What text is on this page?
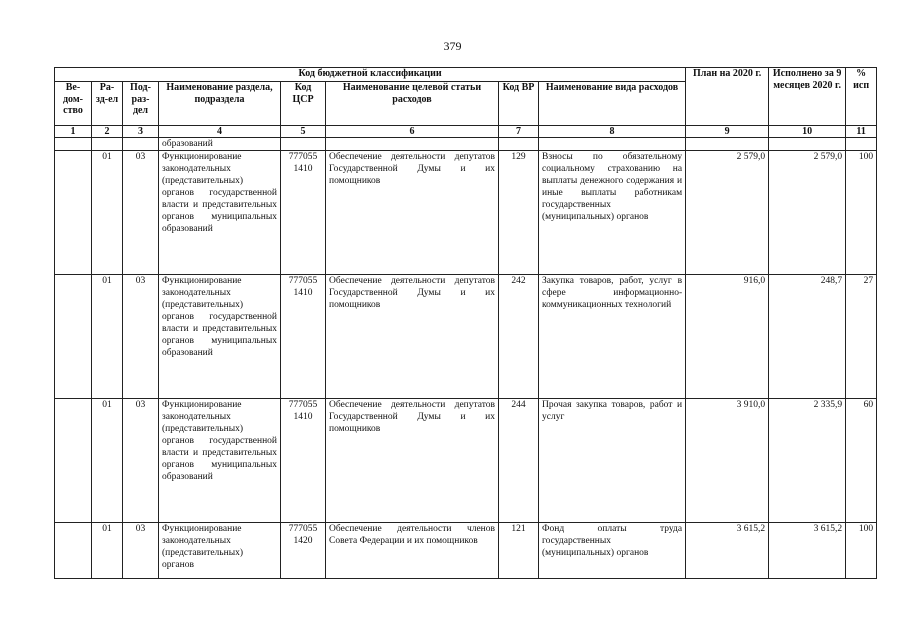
379
Код бюджетной классификации								План на 2020 г.	Исполнено за 9 месяцев 2020 г.	% исп
Ве-дом-ство	Ра-зд-ел	Под-раз-дел	Наименование раздела, подраздела	Код ЦСР	Наименование целевой статьи расходов	Код ВР	Наименование вида расходов			
1	2	3	4	5	6	7	8	9	10	11
			образований							
	01	03	Функционирование законодательных (представительных) органов государственной власти и представительных органов муниципальных образований	777055 1410	Обеспечение деятельности депутатов Государственной Думы и их помощников	129	Взносы по обязательному социальному страхованию на выплаты денежного содержания и иные выплаты работникам государственных (муниципальных) органов	2 579,0	2 579,0	100
	01	03	Функционирование законодательных (представительных) органов государственной власти и представительных органов муниципальных образований	777055 1410	Обеспечение деятельности депутатов Государственной Думы и их помощников	242	Закупка товаров, работ, услуг в сфере информационно-коммуникационных технологий	916,0	248,7	27
	01	03	Функционирование законодательных (представительных) органов государственной власти и представительных органов муниципальных образований	777055 1410	Обеспечение деятельности депутатов Государственной Думы и их помощников	244	Прочая закупка товаров, работ и услуг	3 910,0	2 335,9	60
	01	03	Функционирование законодательных (представительных) органов	777055 1420	Обеспечение деятельности членов Совета Федерации и их помощников	121	Фонд оплаты труда государственных (муниципальных) органов	3 615,2	3 615,2	100
